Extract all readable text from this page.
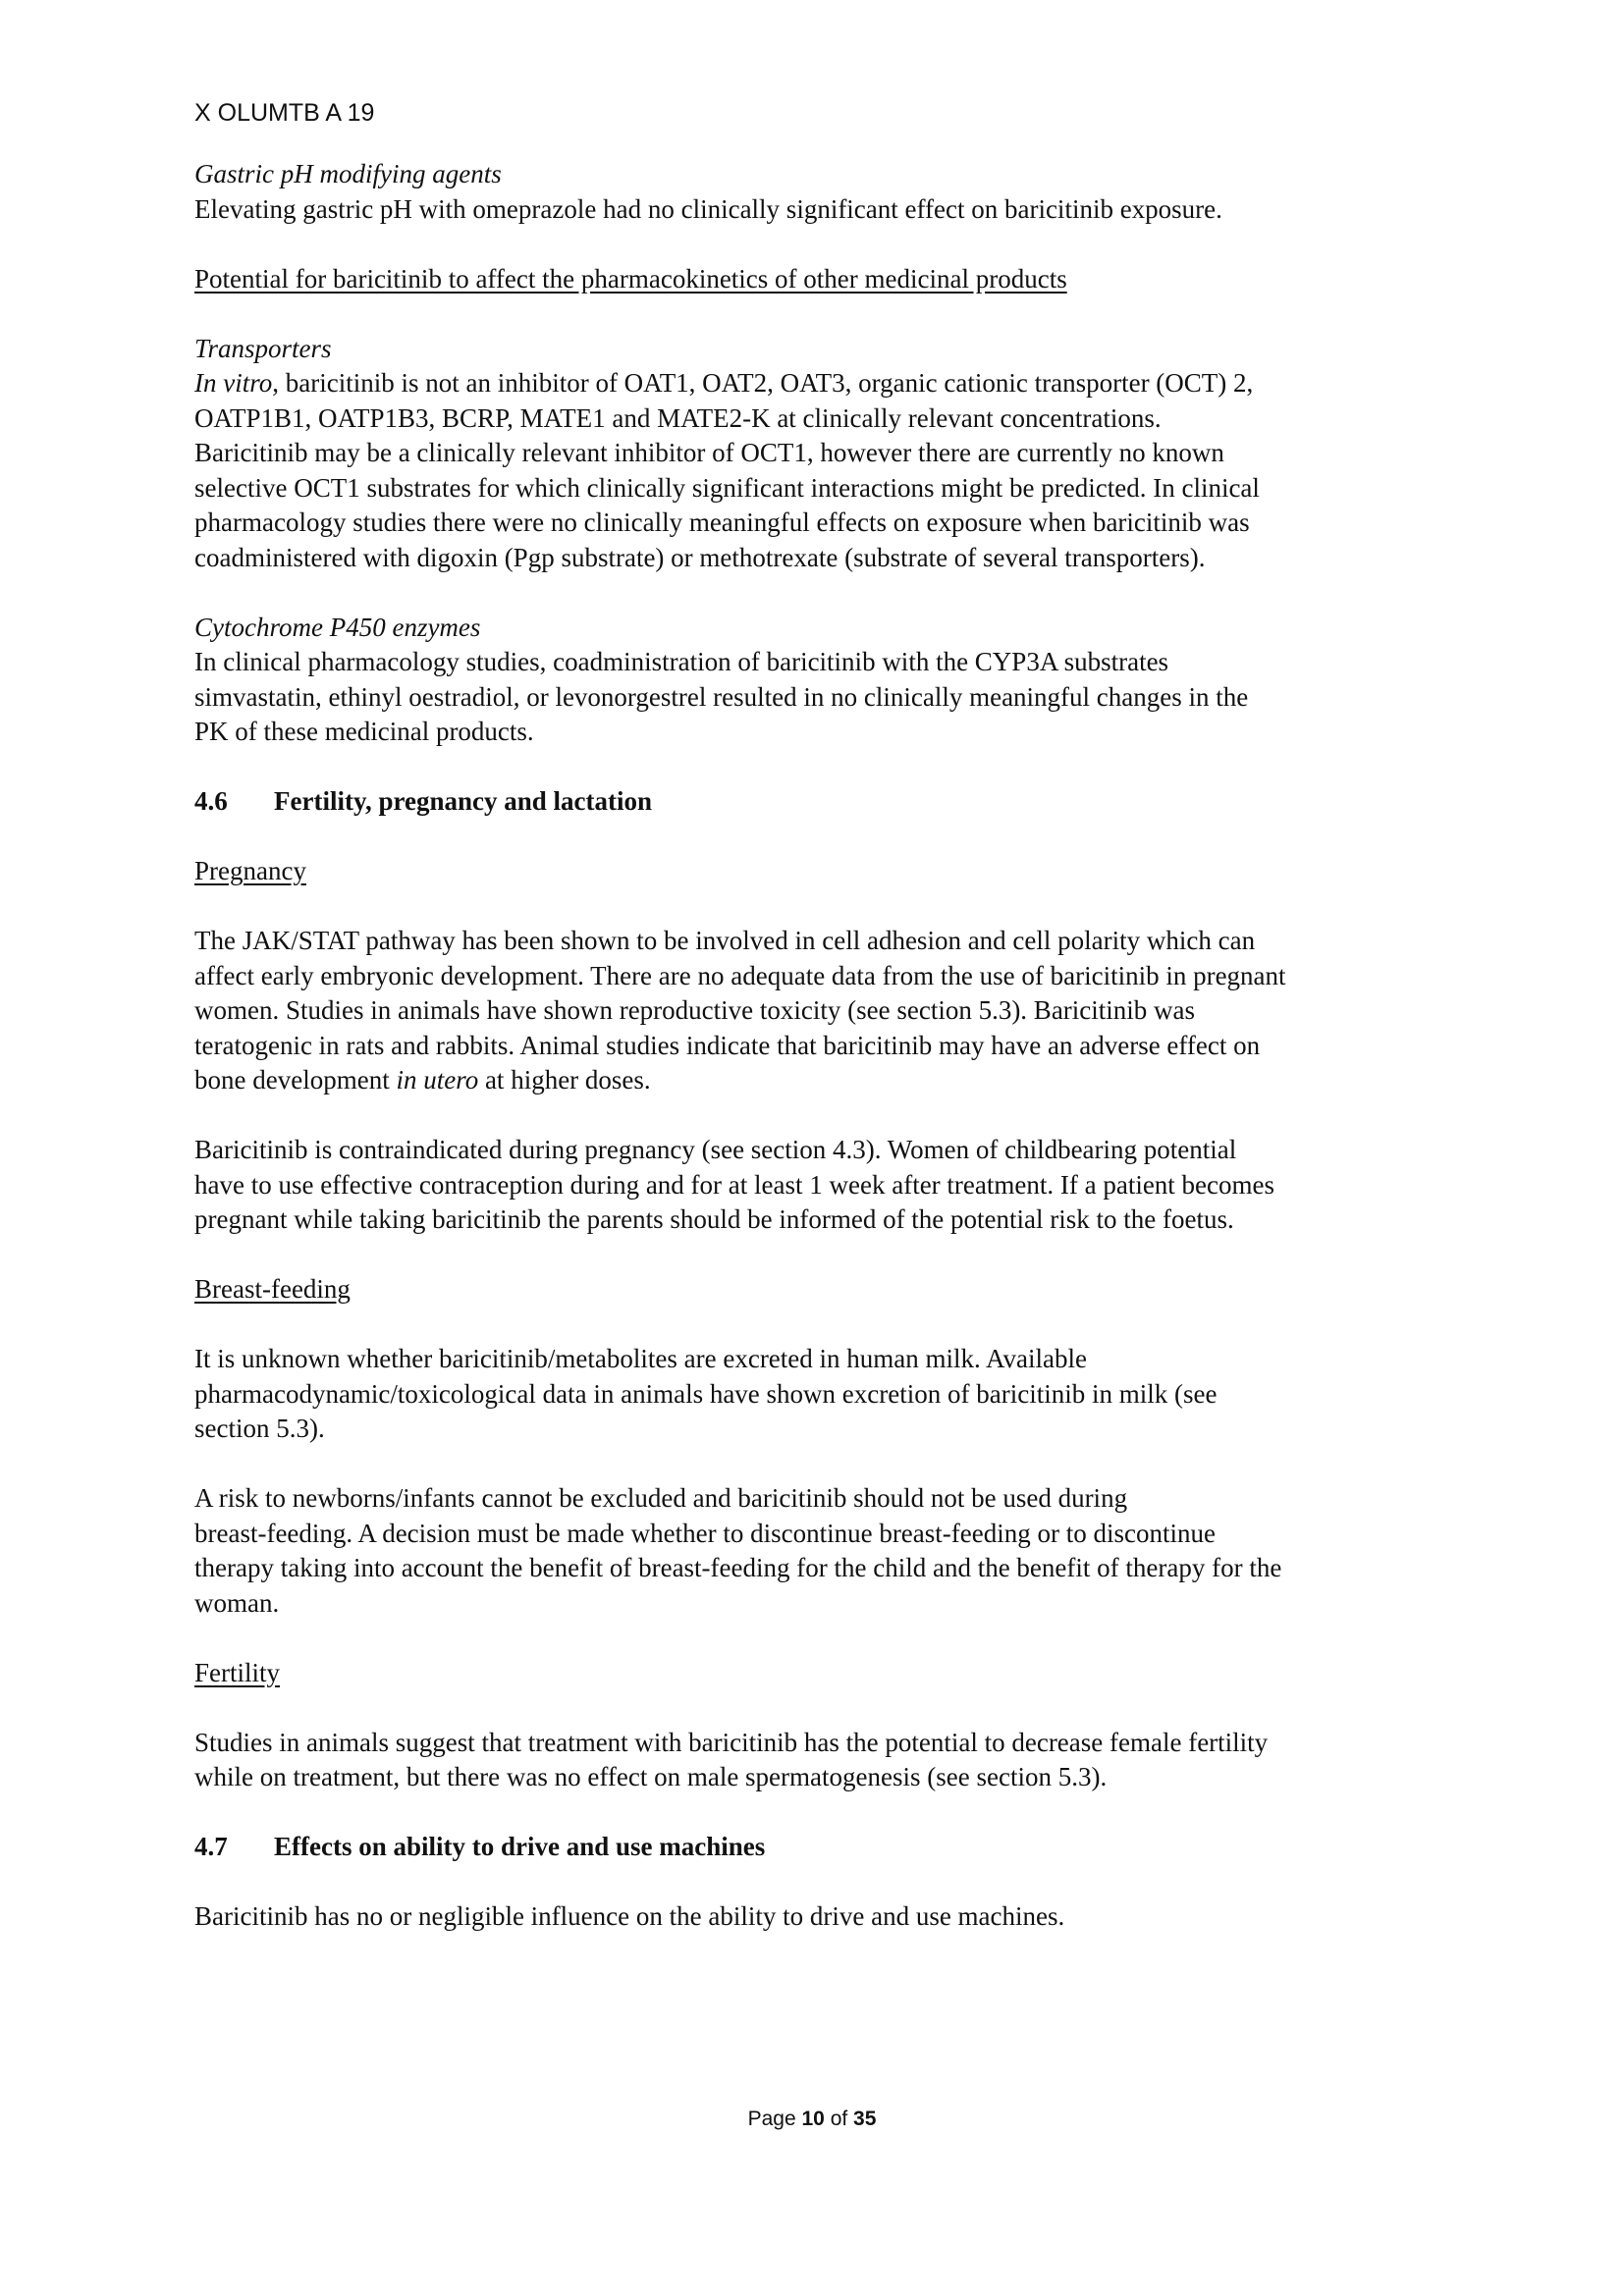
X OLUMTB A 19

Gastric pH modifying agents

Elevating gastric pH with omeprazole had no clinically significant effect on baricitinib exposure.

Potential for baricitinib to affect the pharmacokinetics of other medicinal products

Transporters

In vitro, baricitinib is not an inhibitor of OAT1, OAT2, OAT3, organic cationic transporter (OCT) 2,
OATP1B1, OATP1B3, BCRP, MATE1 and MATE2-K at clinically relevant concentrations.
Baricitinib may be a clinically relevant inhibitor of OCT1, however there are currently no known
selective OCT1 substrates for which clinically significant interactions might be predicted. In clinical
pharmacology studies there were no clinically meaningful effects on exposure when baricitinib was
coadministered with digoxin (Pgp substrate) or methotrexate (substrate of several transporters).

Cytochrome P450 enzymes

In clinical pharmacology studies, coadministration of baricitinib with the CYP3A substrates
simvastatin, ethinyl oestradiol, or levonorgestrel resulted in no clinically meaningful changes in the
PK of these medicinal products.

4.6 Fertility, pregnancy and lactation

Pregnancy

The JAK/STAT pathway has been shown to be involved in cell adhesion and cell polarity which can
affect early embryonic development. There are no adequate data from the use of baricitinib in pregnant
women. Studies in animals have shown reproductive toxicity (see section 5.3). Baricitinib was
teratogenic in rats and rabbits. Animal studies indicate that baricitinib may have an adverse effect on
bone development in utero at higher doses.

Baricitinib is contraindicated during pregnancy (see section 4.3). Women of childbearing potential
have to use effective contraception during and for at least 1 week after treatment. If a patient becomes
pregnant while taking baricitinib the parents should be informed of the potential risk to the foetus.

Breast-feeding

It is unknown whether baricitinib/metabolites are excreted in human milk. Available
pharmacodynamic/toxicological data in animals have shown excretion of baricitinib in milk (see
section 5.3).

A risk to newborns/infants cannot be excluded and baricitinib should not be used during
breast-feeding. A decision must be made whether to discontinue breast-feeding or to discontinue
therapy taking into account the benefit of breast-feeding for the child and the benefit of therapy for the
woman.

Fertility

Studies in animals suggest that treatment with baricitinib has the potential to decrease female fertility
while on treatment, but there was no effect on male spermatogenesis (see section 5.3).

4.7 Effects on ability to drive and use machines

Baricitinib has no or negligible influence on the ability to drive and use machines.

Page 10 of 35
